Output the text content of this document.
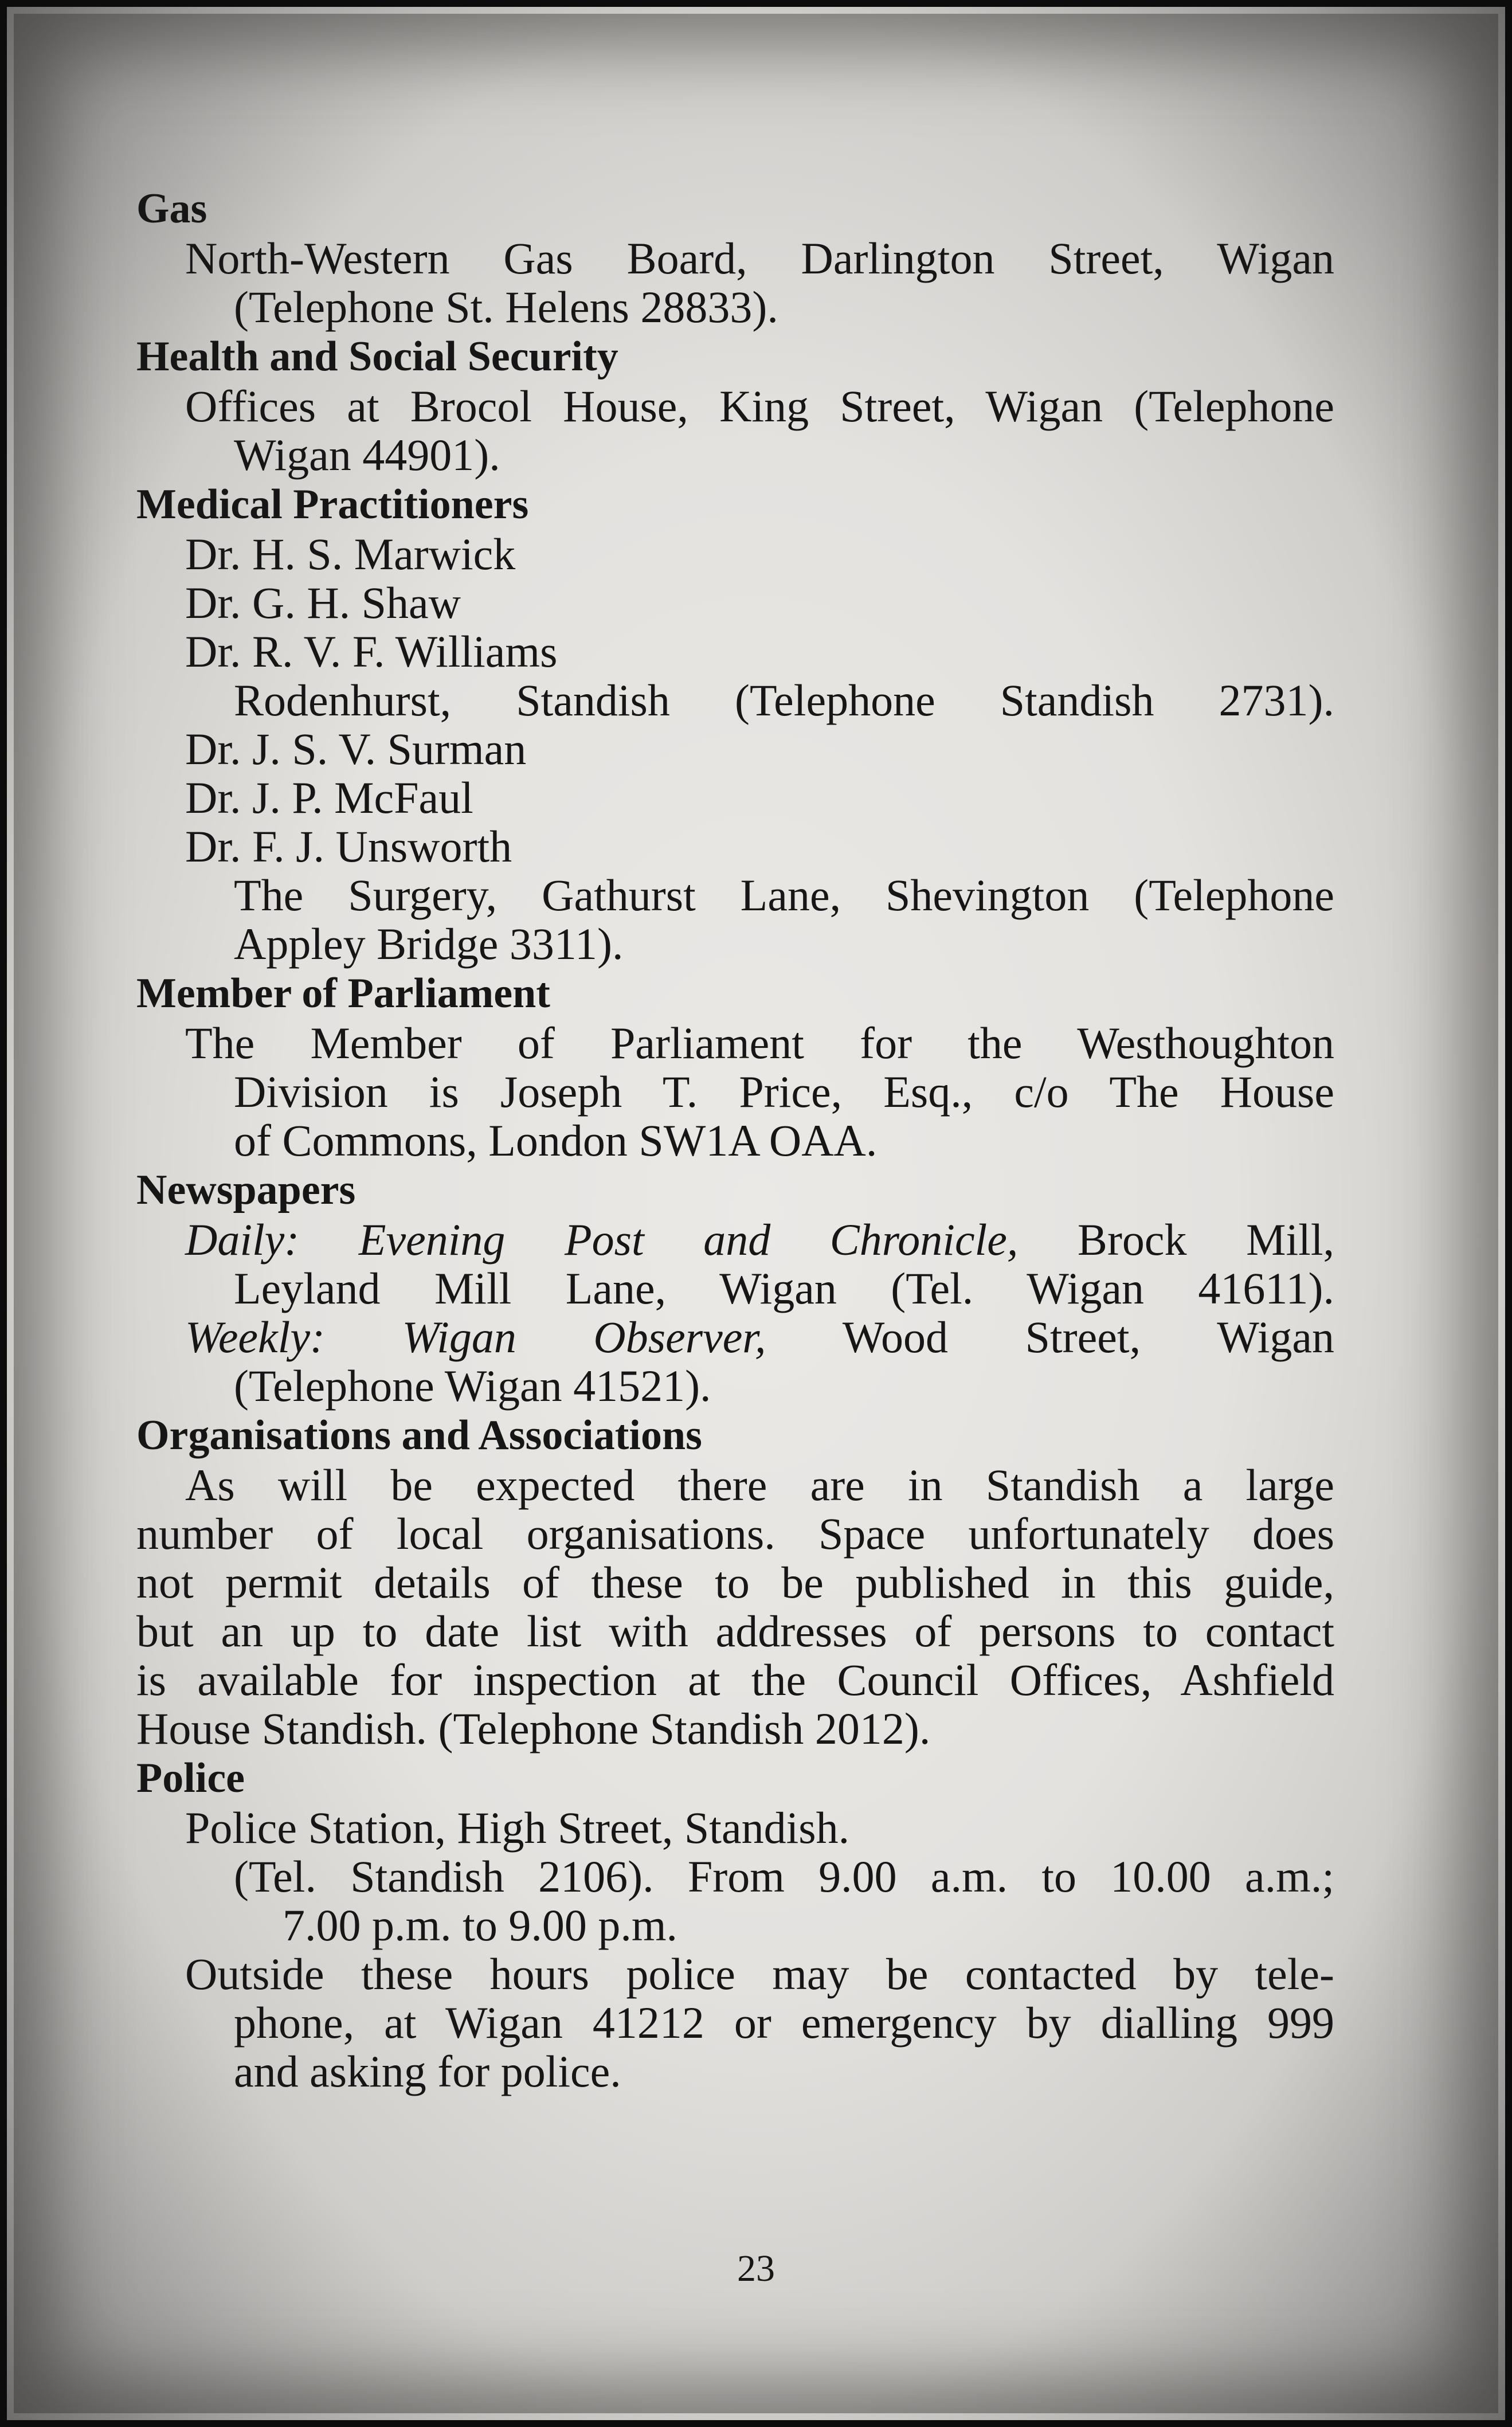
Gas

North-Western Gas Board, Darlington Street, Wigan
(Telephone St. Helens 28833).

Health and Social Security

Offices at Brocol House, King Street, Wigan (Telephone
Wigan 44901).

Medical Practitioners

Dr. H. S. Marwick
Dr. G. H. Shaw
Dr. R. V. F. Williams
Rodenhurst, Standish (Telephone Standish 2731).
Dr. J. S. V. Surman
Dr. J. P. McFaul
Dr. F. J. Unsworth
The Surgery, Gathurst Lane, Shevington (Telephone
Appley Bridge 3311).

Member of Parliament

The Member of Parliament for the Westhoughton
Division is Joseph T. Price, Esq., c/o The House
of Commons, London SW1A OAA.

Newspapers

Daily: Evening Post and Chronicle, Brock Mill,
Leyland Mill Lane, Wigan (Tel. Wigan 41611).
Weekly: Wigan Observer, Wood Street, Wigan
(Telephone Wigan 41521).

Organisations and Associations

As will be expected there are in Standish a large
number of local organisations. Space unfortunately does
not permit details of these to be published in this guide,
but an up to date list with addresses of persons to contact
is available for inspection at the Council Offices, Ashfield
House Standish. (Telephone Standish 2012).

Police

Police Station, High Street, Standish.
(Tel. Standish 2106). From 9.00 a.m. to 10.00 a.m.;
7.00 p.m. to 9.00 p.m.
Outside these hours police may be contacted by tele-
phone, at Wigan 41212 or emergency by dialling 999
and asking for police.
23
